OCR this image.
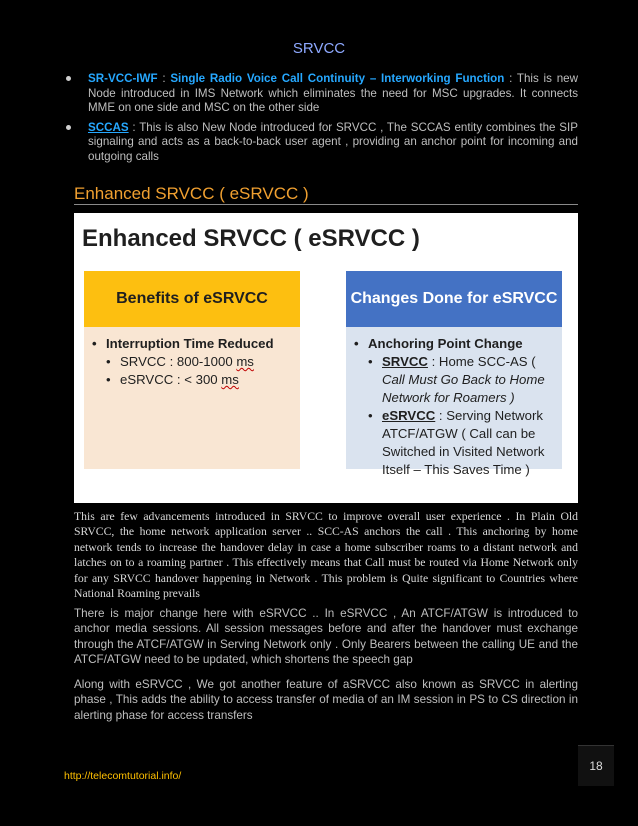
SRVCC
SR-VCC-IWF : Single Radio Voice Call Continuity – Interworking Function : This is new Node introduced in IMS Network which eliminates the need for MSC upgrades. It connects MME on one side and MSC on the other side
SCCAS : This is also New Node introduced for SRVCC , The SCCAS entity combines the SIP signaling and acts as a back-to-back user agent , providing an anchor point for incoming and outgoing calls
Enhanced SRVCC ( eSRVCC )
Enhanced SRVCC ( eSRVCC )
Benefits of eSRVCC
• Interruption Time Reduced
• SRVCC : 800-1000 ms
• eSRVCC : < 300 ms
Changes Done for eSRVCC
• Anchoring Point Change
• SRVCC : Home SCC-AS ( Call Must Go Back to Home Network for Roamers )
• eSRVCC : Serving Network ATCF/ATGW ( Call can be Switched in Visited Network Itself – This Saves Time )

This are few advancements introduced in SRVCC to improve overall user experience . In Plain Old SRVCC, the home network application server .. SCC-AS anchors the call . This anchoring by home network tends to increase the handover delay in case a home subscriber roams to a distant network and latches on to a roaming partner . This effectively means that Call must be routed via Home Network only for any SRVCC handover happening in Network . This problem is Quite significant to Countries where National Roaming prevails

There is major change here with eSRVCC .. In eSRVCC , An ATCF/ATGW is introduced to anchor media sessions. All session messages before and after the handover must exchange through the ATCF/ATGW in Serving Network only . Only Bearers between the calling UE and the ATCF/ATGW need to be updated, which shortens the speech gap

Along with eSRVCC , We got another feature of aSRVCC also known as SRVCC in alerting phase , This adds the ability to access transfer of media of an IM session in PS to CS direction in alerting phase for access transfers

18
http://telecomtutorial.info/
